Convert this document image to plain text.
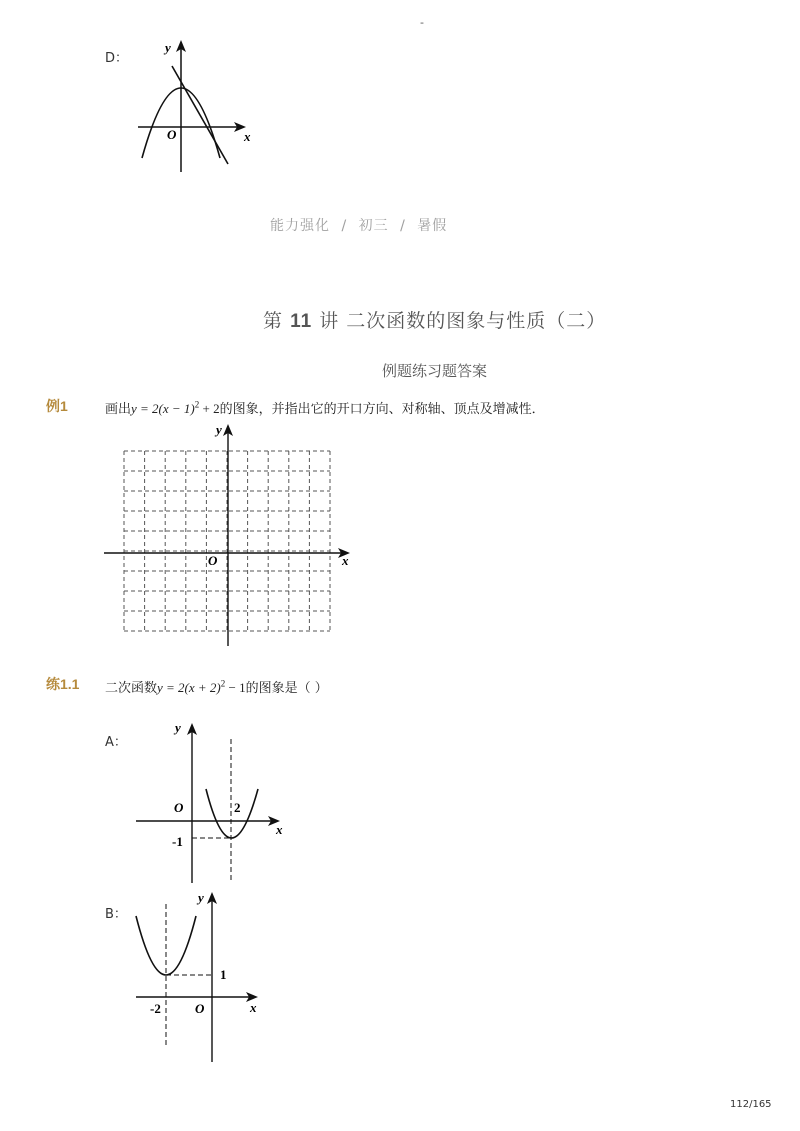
-
D：
y
x
O
能力强化 / 初三 / 暑假
第 11 讲 二次函数的图象与性质（二）
例题练习题答案
例1	画出$y = 2(x - 1)^2 + 2$的图象，并指出它的开口方向、对称轴、顶点及增减性．
y
x
O
练1.1 二次函数$y = 2(x + 2)^2 - 1$的图象是（ ）
A：
y
x
O	2
-1
B：
y
x
O
-2
1
112/165
